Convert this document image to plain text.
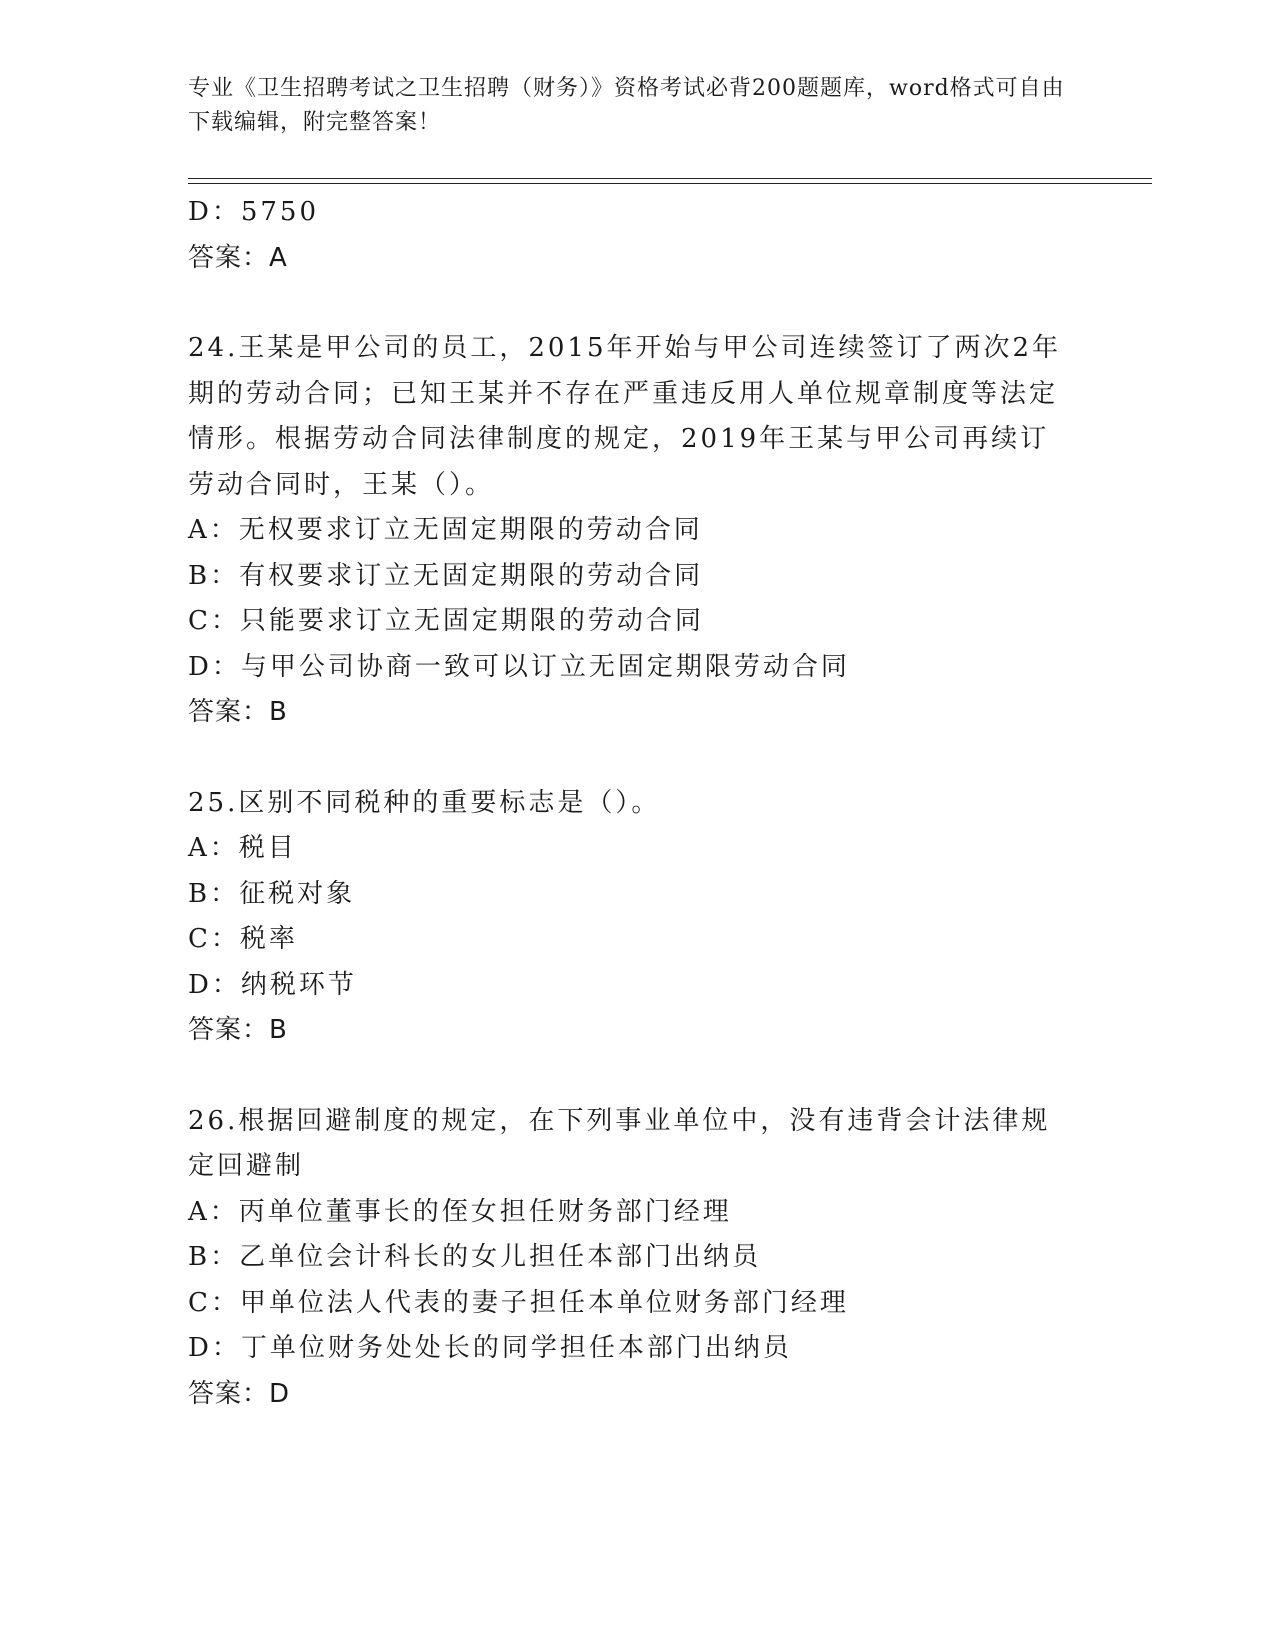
专业《卫生招聘考试之卫生招聘（财务）》资格考试必背200题题库，word格式可自由下载编辑，附完整答案！
D：5750
答案：A
24.王某是甲公司的员工，2015年开始与甲公司连续签订了两次2年期的劳动合同；已知王某并不存在严重违反用人单位规章制度等法定情形。根据劳动合同法律制度的规定，2019年王某与甲公司再续订劳动合同时，王某（）。
A：无权要求订立无固定期限的劳动合同
B：有权要求订立无固定期限的劳动合同
C：只能要求订立无固定期限的劳动合同
D：与甲公司协商一致可以订立无固定期限劳动合同
答案：B
25.区别不同税种的重要标志是（）。
A：税目
B：征税对象
C：税率
D：纳税环节
答案：B
26.根据回避制度的规定，在下列事业单位中，没有违背会计法律规定回避制
A：丙单位董事长的侄女担任财务部门经理
B：乙单位会计科长的女儿担任本部门出纳员
C：甲单位法人代表的妻子担任本单位财务部门经理
D：丁单位财务处处长的同学担任本部门出纳员
答案：D
